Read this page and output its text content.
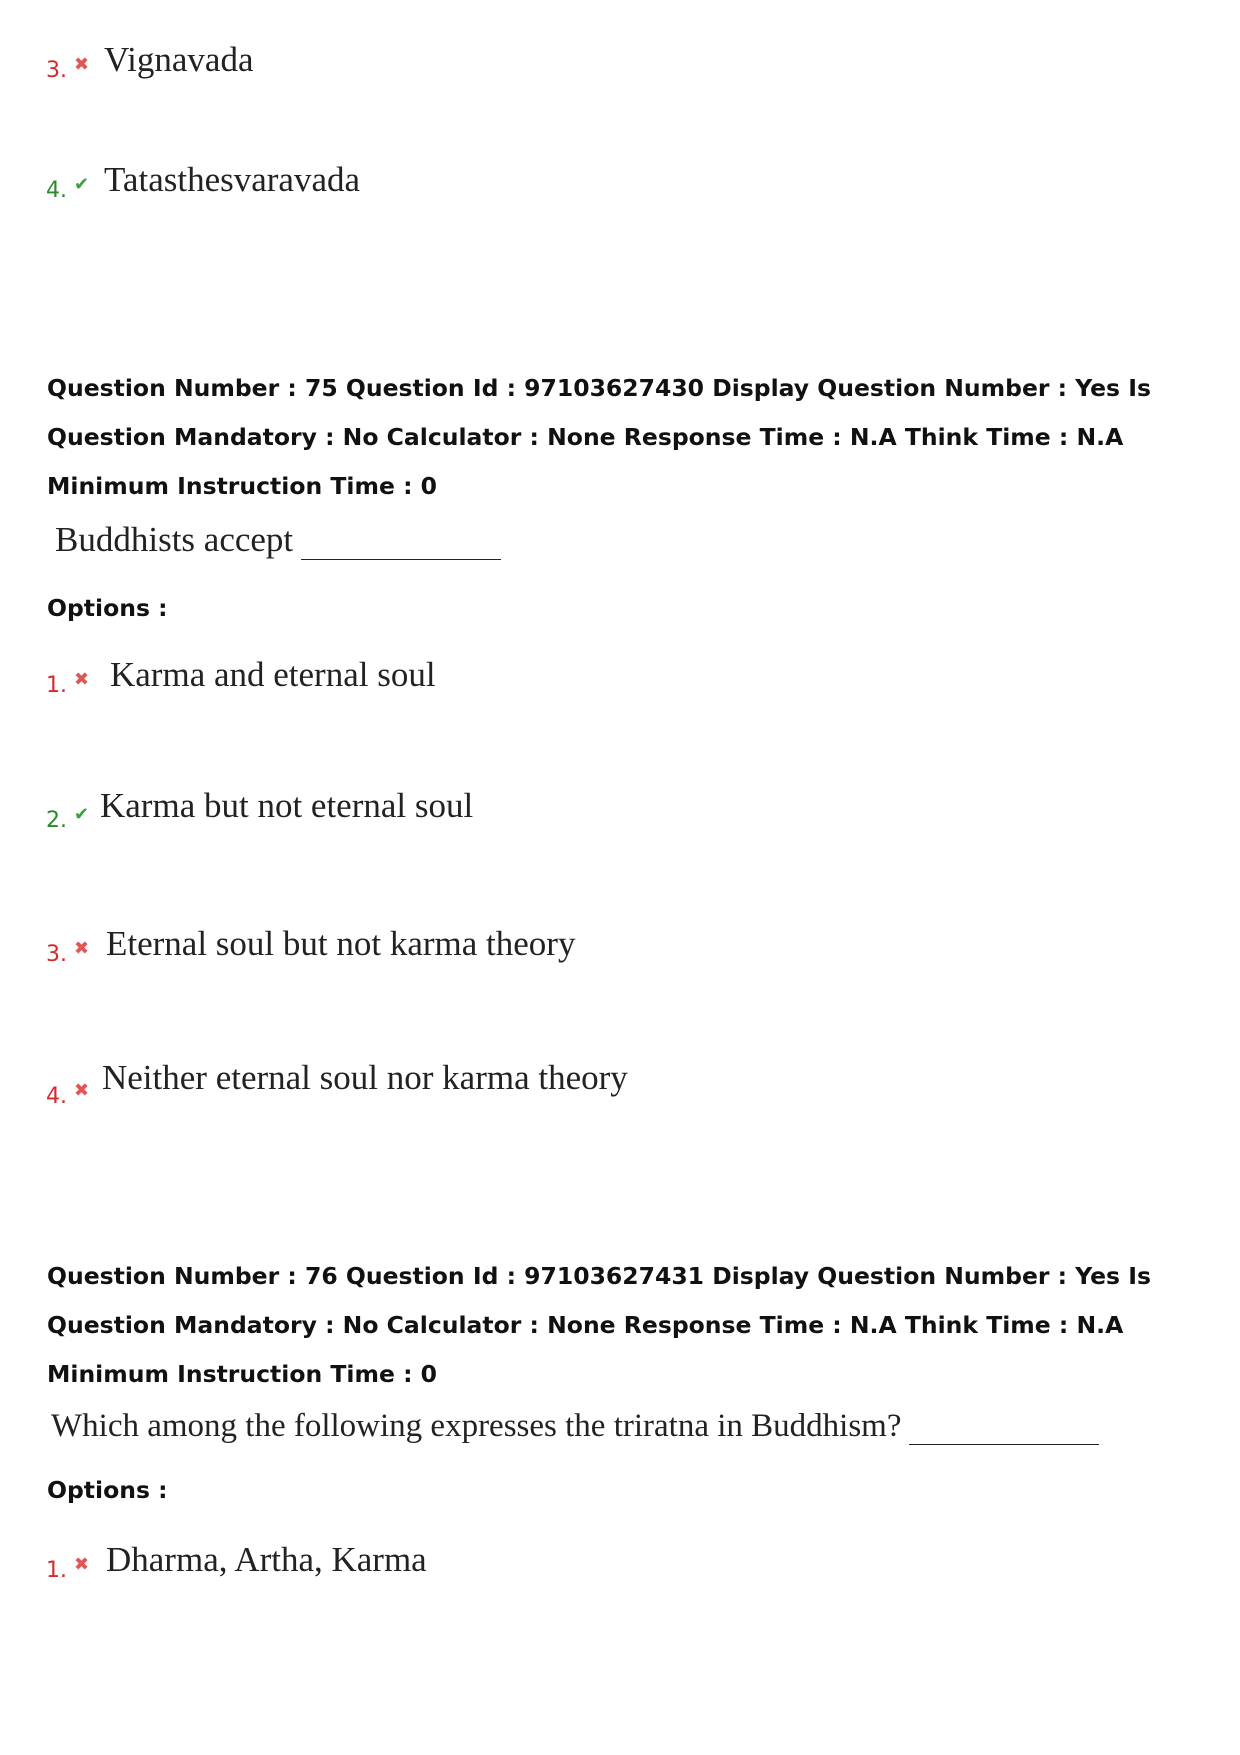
3. ✖ Vignavada
4. ✔ Tatasthesvaravada
Question Number : 75 Question Id : 97103627430 Display Question Number : Yes Is Question Mandatory : No Calculator : None Response Time : N.A Think Time : N.A Minimum Instruction Time : 0
Buddhists accept
Options :
1. ✖ Karma and eternal soul
2. ✔ Karma but not eternal soul
3. ✖ Eternal soul but not karma theory
4. ✖ Neither eternal soul nor karma theory
Question Number : 76 Question Id : 97103627431 Display Question Number : Yes Is Question Mandatory : No Calculator : None Response Time : N.A Think Time : N.A Minimum Instruction Time : 0
Which among the following expresses the triratna in Buddhism?
Options :
1. ✖ Dharma, Artha, Karma
